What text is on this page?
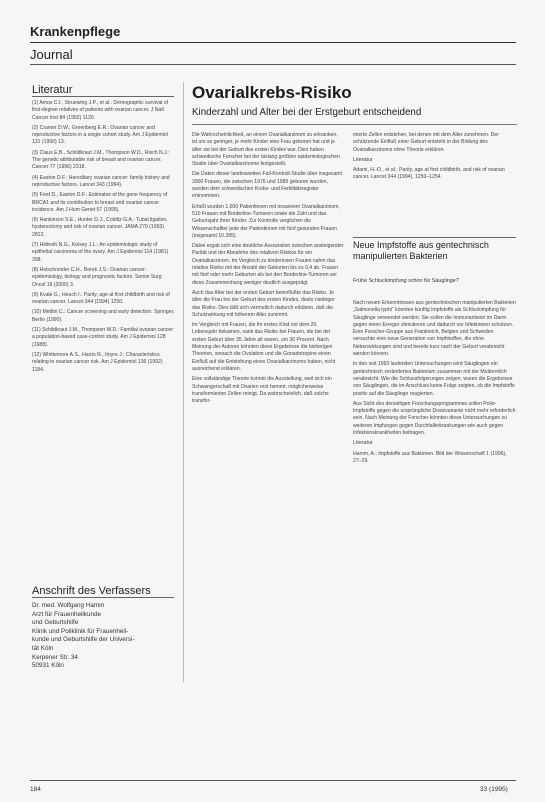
Krankenpflege
Journal
Literatur

(1) Amos C.I., Struewing J.P., et al.: Demographic survival of first-degree relatives of patients with ovarian cancer. J Natl Cancer Inst 84 (1992) 1120.

(2) Cramer D.W., Greenberg E.R.: Ovarian cancer and reproductive factors in a single cohort study. Am J Epidemiol 131 (1990) 13.

(3) Claus E.B., Schildkraut J.M., Thompson W.D., Risch N.J.: The genetic attributable risk of breast and ovarian cancer. Cancer 77 (1996) 2318.

(4) Easton D.F.: Hereditary ovarian cancer: family history and reproductive factors. Lancet 343 (1994).

(5) Ford D., Easton D.F.: Estimates of the gene frequency of BRCA1 and its contribution to breast and ovarian cancer incidence. Am J Hum Genet 57 (1995).

(6) Hankinson S.E., Hunter D.J., Colditz G.A.: Tubal ligation, hysterectomy and risk of ovarian cancer. JAMA 270 (1993) 2813.

(7) Hildreth N.G., Kelsey J.L.: An epidemiologic study of epithelial carcinoma of the ovary. Am J Epidemiol 114 (1981) 398.

(8) Holschneider C.H., Berek J.S.: Ovarian cancer: epidemiology, biology and prognostic factors. Semin Surg Oncol 19 (2000) 3.

(9) Kvale G., Heuch I.: Parity, age at first childbirth and risk of ovarian cancer. Lancet 344 (1994) 1250.

(10) Mettlin C.: Cancer screening and early detection. Springer, Berlin (1990).

(11) Schildkraut J.M., Thompson W.D.: Familial ovarian cancer: a population-based case-control study. Am J Epidemiol 128 (1988).

(12) Whittemore A.S., Harris R., Itnyre J.: Characteristics relating to ovarian cancer risk. Am J Epidemiol 136 (1992) 1184.

Anschrift des Verfassers
Dr. med. Wolfgang Hamm
Arzt für Frauenheilkunde
und Geburtshilfe
Klinik und Poliklinik für Frauenheil-
kunde und Geburtshilfe der Universi-
tät Köln
Kerpener Str. 34
50931 Köln
Ovarialkrebs-Risiko
Kinderzahl und Alter bei der Erstgeburt entscheidend

Die Wahrscheinlichkeit, an einem Ovarialkarzinom zu erkranken, ist um so geringer, je mehr Kinder eine Frau geboren hat und je älter sie bei der Geburt des ersten Kindes war. Dies haben schwedische Forscher bei der bislang größten epidemiologischen Studie über Ovarialkarzinome festgestellt.

Die Daten dieser landesweiten Fall-Kontroll-Studie über insgesamt 3900 Frauen, die zwischen 1976 und 1985 geboren wurden, wurden dem schwedischen Krebs- und Fertilitätsregister entnommen.

Erfaßt wurden 1.000 Patientinnen mit invasivem Ovarialkarzinom, 510 Frauen mit Borderline-Tumoren sowie die Zahl und das Geburtsjahr ihrer Kinder. Zur Kontrolle verglichen die Wissenschaftler jede der Patientinnen mit fünf gesunden Frauen (insgesamt 10.285).

Dabei ergab sich eine deutliche Assoziation zwischen ansteigender Parität und der Abnahme des relativen Risikos für ein Ovarialkarzinom. Im Vergleich zu kinderlosen Frauen nahm das relative Risiko mit der Anzahl der Geburten bis zu 0,4 ab. Frauen mit fünf oder mehr Geburten als bei den Borderline-Tumoren sei diese Zusammenhang weniger deutlich ausgeprägt.

Auch das Alter bei der ersten Geburt beeinflußte das Risiko. Je älter die Frau bei der Geburt des ersten Kindes, desto niedriger das Risiko. Dies läßt sich vermutlich dadurch erklären, daß die Schutzwirkung mit höherem Alter zunimmt.

Im Vergleich mit Frauen, die ihr erstes Kind vor dem 20. Lebensjahr bekamen, sank das Risiko bei Frauen, die bei der ersten Geburt über 35 Jahre alt waren, um 30 Prozent. Nach Meinung der Autoren könnten diese Ergebnisse die bisherigen Theorien, wonach die Ovulation und die Gonadotropine einen Einfluß auf die Entstehung eines Ovarialkarzinoms haben, nicht ausreichend erklären.

Eine vollständige Theorie konnte die Ausstellung, weil sich ein Schwangerschaft mit Ovarien erst hemmt, möglicherweise transformierten Zellen reinigt. Da wahrscheinlich, daß solche transfor-

mierte Zellen entstehen, bei denen mit dem Alter zunehmen. Der schützende Einfluß einer Geburt entsteht in der Bildung des Ovarialkarzinoms ohne Theorie erklären.

Literatur

Adami, H.-O., et al.: Parity, age at first childbirth, and risk of ovarian cancer. Lancet 344 (1994), 1250–1254.

Neue Impfstoffe aus gentechnisch manipulierten Bakterien
Frühe Schluckimpfung schon für Säuglinge?

Nach neuen Erkenntnissen aus gentechnischen manipulierten Bakterien „Salmonella typhi“ könnten künftig Impfstoffe als Schluckimpfung für Säuglinge verwendet werden. Sie sollen die Immunantwort im Darm gegen einen Erreger stimulieren und dadurch vor Infektionen schützen. Eine Forscher-Gruppe aus Frankreich, Belgien und Schweden versuchte eine neue Generation von Impfstoffen, die ohne Nebenwirkungen sind und bereits kurz nach der Geburt verabreicht werden können.

In den seit 1993 laufenden Untersuchungen wird Säuglingen ein gentechnisch verändertes Bakterium zusammen mit der Muttermilch verabreicht. Wie die Schlussfolgerungen zeigen, waren die Ergebnisse von Säuglingen, die im Anschluss keine Folge zeigten, ob die Impfstoffe positiv auf die Säuglinge reagierten.

Aus Sicht des derzeitigen Forschungsprogrammes sollen Polio-Impfstoffe gegen die ursprüngliche Dosisvariante nicht mehr erforderlich sein. Nach Meinung der Forscher könnten diese Untersuchungen zu weiteren Impfungen gegen Durchfallerkrankungen wie auch gegen Infektionskrankheiten beitragen.

Literatur

Hamm, A.: Impfstoffe aus Bakterien. Bild der Wissenschaft 1 (1996), 27–29.

184	33 (1995)
